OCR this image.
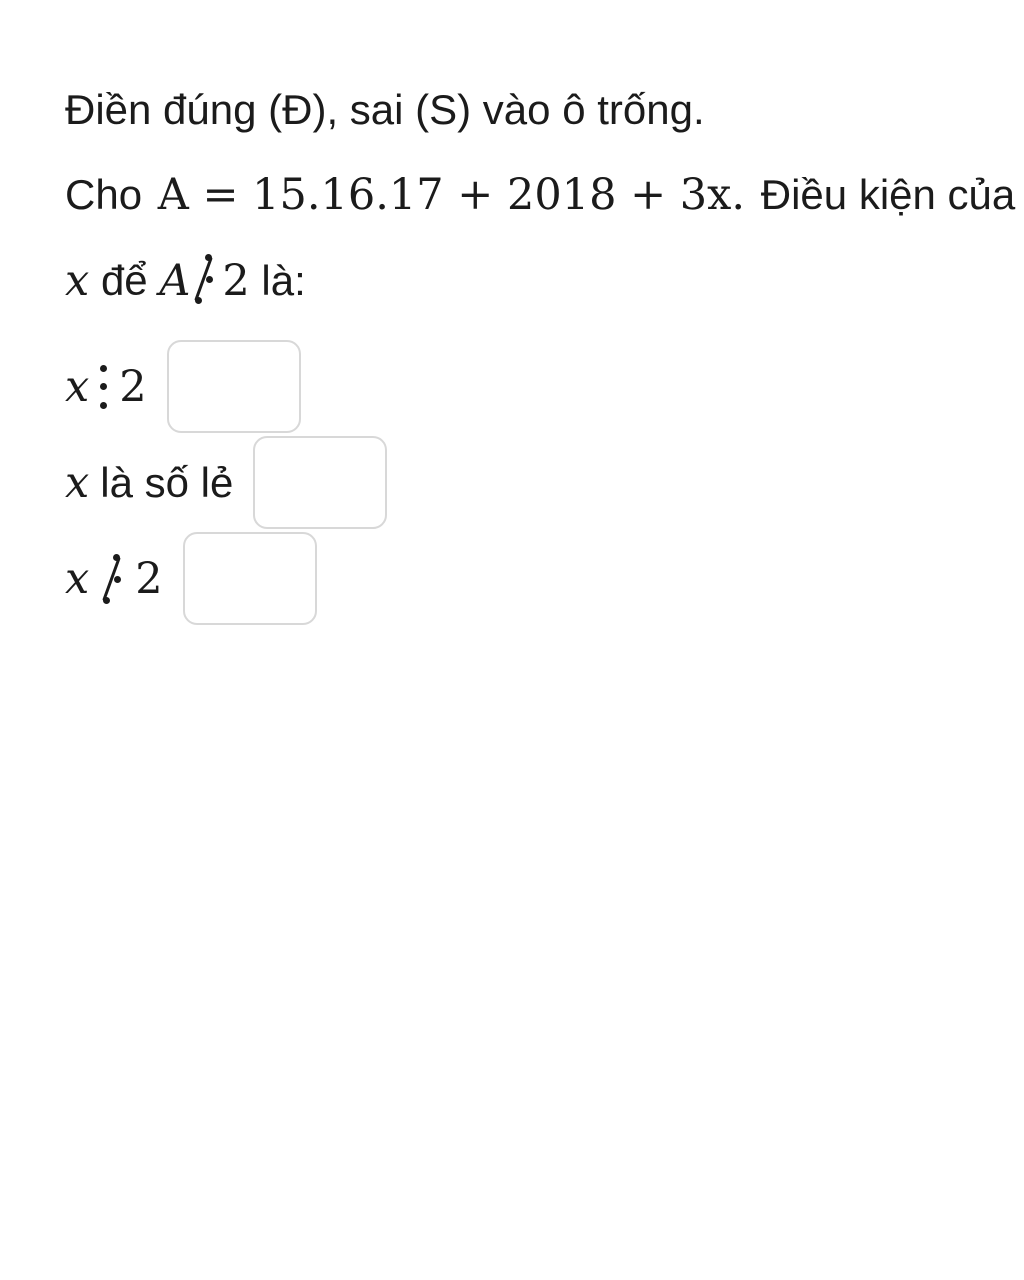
Điền đúng (Đ), sai (S) vào ô trống.
Cho A = 15.16.17 + 2018 + 3x. Điều kiện của
x để A 2 là:
x 2
x là số lẻ
x 2
